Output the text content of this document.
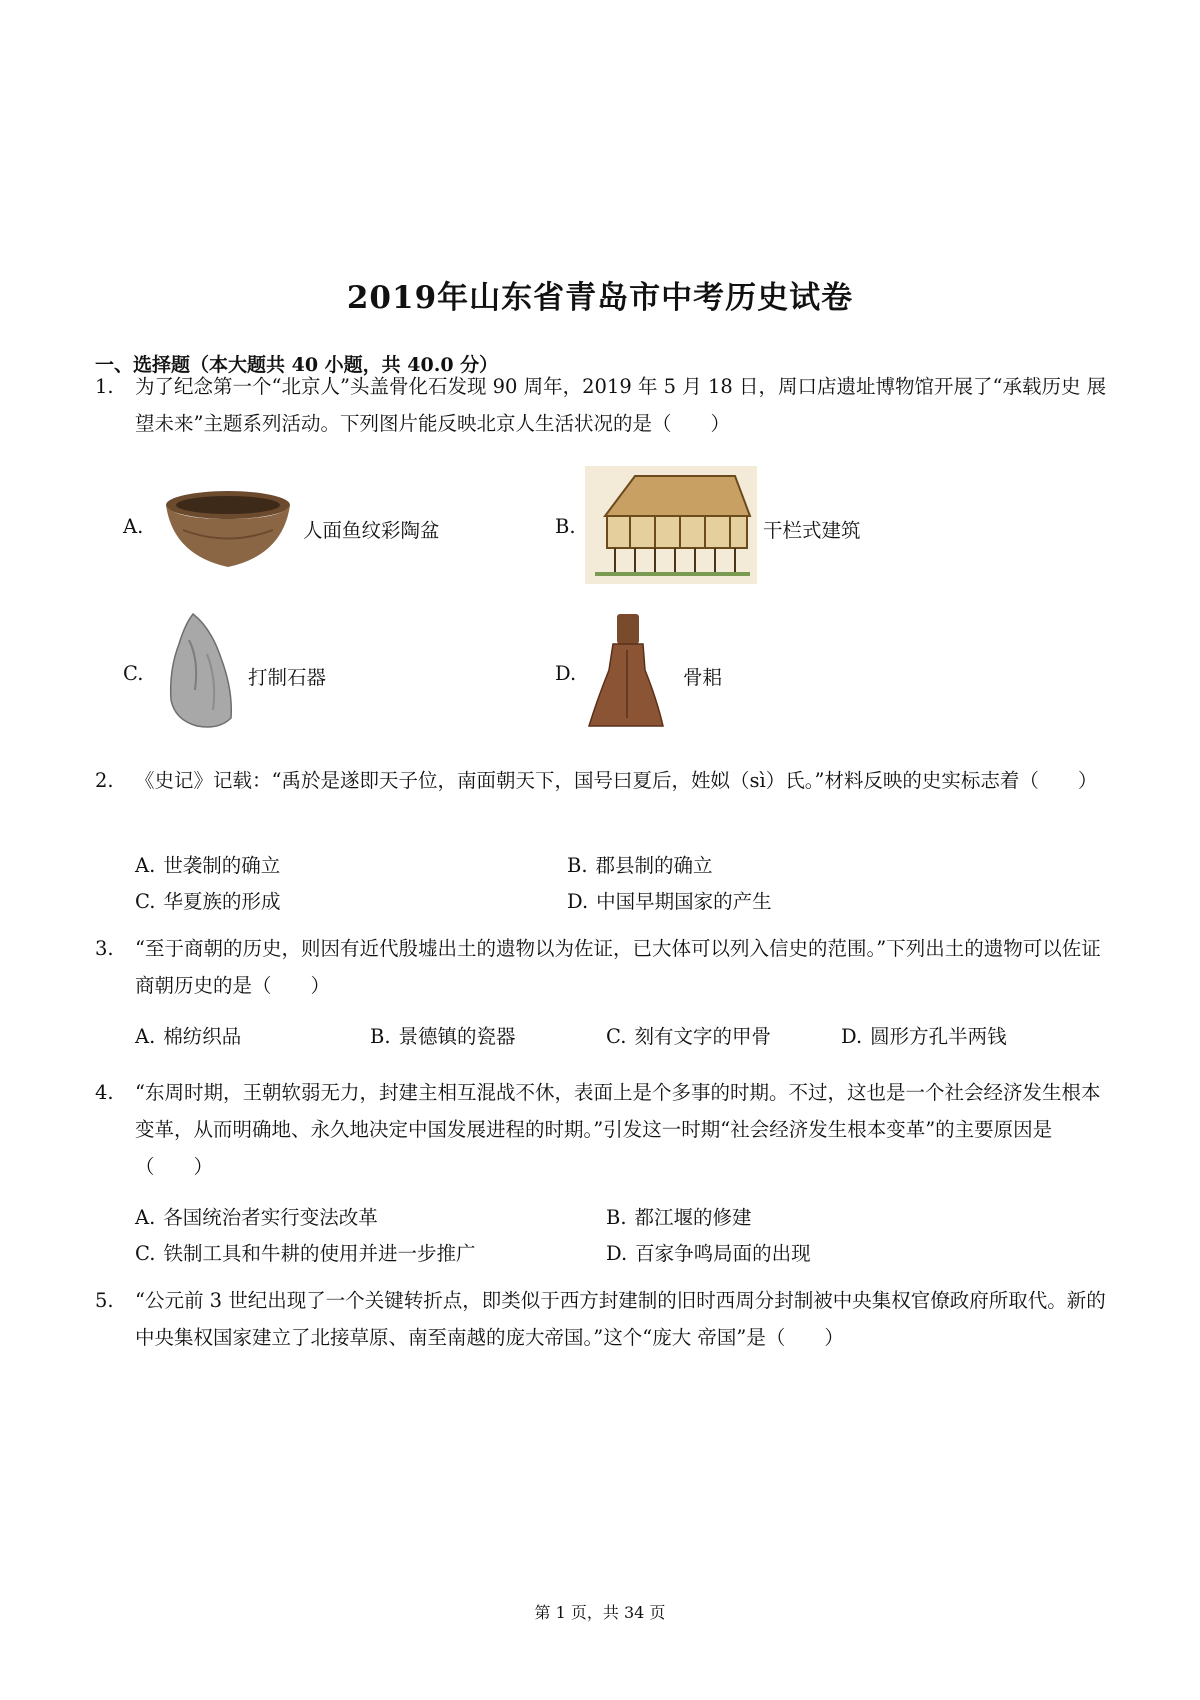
2019年山东省青岛市中考历史试卷
一、选择题（本大题共 40 小题，共 40.0 分）
1. 为了纪念第一个“北京人”头盖骨化石发现 90 周年，2019 年 5 月 18 日，周口店遗址博物馆开展了“承载历史 展望未来”主题系列活动。下列图片能反映北京人生活状况的是（　　）
A.	人面鱼纹彩陶盆	B.	干栏式建筑
C.	打制石器	D.	骨耜
2. 《史记》记载：“禹於是遂即天子位，南面朝天下，国号曰夏后，姓姒（sì）氏。”材料反映的史实标志着（　　）
A. 世袭制的确立	B. 郡县制的确立
C. 华夏族的形成	D. 中国早期国家的产生
3. “至于商朝的历史，则因有近代殷墟出土的遗物以为佐证，已大体可以列入信史的范围。”下列出土的遗物可以佐证商朝历史的是（　　）
A. 棉纺织品	B. 景德镇的瓷器	C. 刻有文字的甲骨	D. 圆形方孔半两钱
4. “东周时期，王朝软弱无力，封建主相互混战不休，表面上是个多事的时期。不过，这也是一个社会经济发生根本变革，从而明确地、永久地决定中国发展进程的时期。”引发这一时期“社会经济发生根本变革”的主要原因是（　　）
A. 各国统治者实行变法改革	B. 都江堰的修建
C. 铁制工具和牛耕的使用并进一步推广	D. 百家争鸣局面的出现
5. “公元前 3 世纪出现了一个关键转折点，即类似于西方封建制的旧时西周分封制被中央集权官僚政府所取代。新的中央集权国家建立了北接草原、南至南越的庞大帝国。”这个“庞大 帝国”是（　　）
第 1 页，共 34 页
